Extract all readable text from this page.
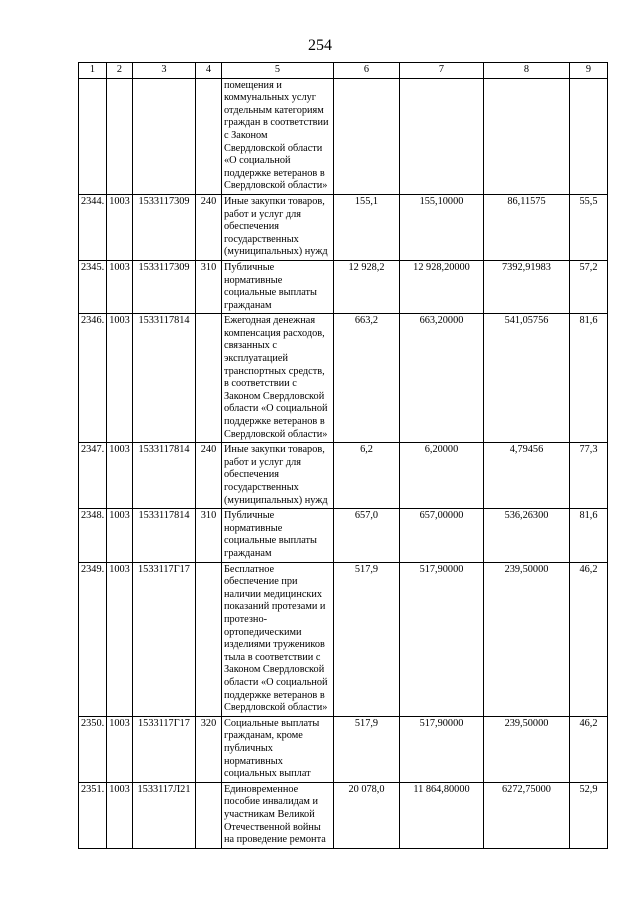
254
1	2	3	4	5	6	7	8	9
				помещения и коммунальных услуг отдельным категориям граждан в соответствии с Законом Свердловской области «О социальной поддержке ветеранов в Свердловской области»				
2344.	1003	1533117309	240	Иные закупки товаров, работ и услуг для обеспечения государственных (муниципальных) нужд	155,1	155,10000	86,11575	55,5
2345.	1003	1533117309	310	Публичные нормативные социальные выплаты гражданам	12 928,2	12 928,20000	7392,91983	57,2
2346.	1003	1533117814		Ежегодная денежная компенсация расходов, связанных с эксплуатацией транспортных средств, в соответствии с Законом Свердловской области «О социальной поддержке ветеранов в Свердловской области»	663,2	663,20000	541,05756	81,6
2347.	1003	1533117814	240	Иные закупки товаров, работ и услуг для обеспечения государственных (муниципальных) нужд	6,2	6,20000	4,79456	77,3
2348.	1003	1533117814	310	Публичные нормативные социальные выплаты гражданам	657,0	657,00000	536,26300	81,6
2349.	1003	1533117Г17		Бесплатное обеспечение при наличии медицинских показаний протезами и протезно-ортопедическими изделиями тружеников тыла в соответствии с Законом Свердловской области «О социальной поддержке ветеранов в Свердловской области»	517,9	517,90000	239,50000	46,2
2350.	1003	1533117Г17	320	Социальные выплаты гражданам, кроме публичных нормативных социальных выплат	517,9	517,90000	239,50000	46,2
2351.	1003	1533117Л21		Единовременное пособие инвалидам и участникам Великой Отечественной войны на проведение ремонта	20 078,0	11 864,80000	6272,75000	52,9
